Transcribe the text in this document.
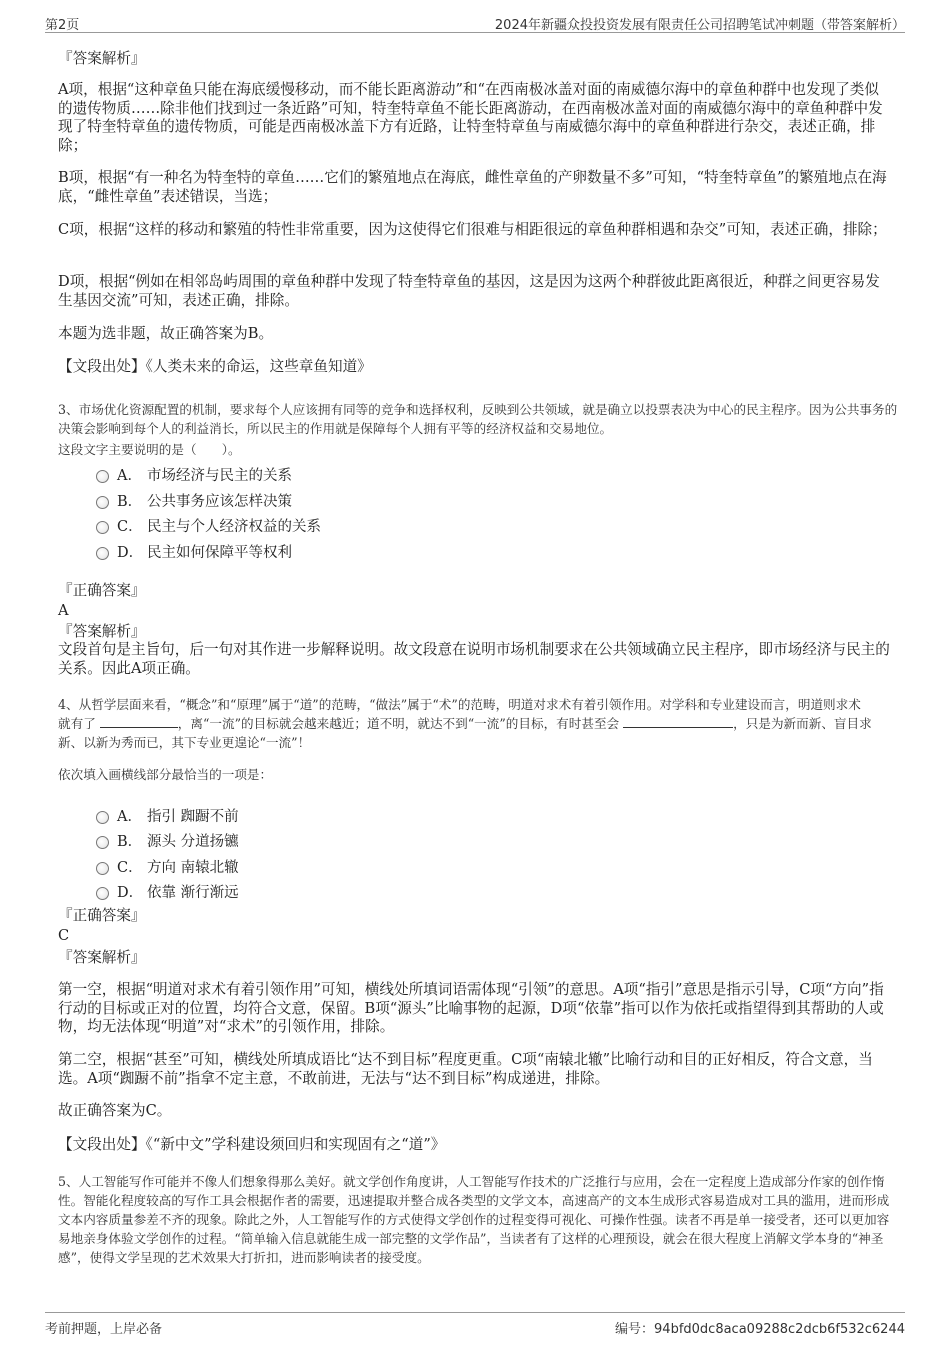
第2页	2024年新疆众投投资发展有限责任公司招聘笔试冲刺题（带答案解析）
『答案解析』
A项，根据“这种章鱼只能在海底缓慢移动，而不能长距离游动”和“在西南极冰盖对面的南威德尔海中的章鱼种群中也发现了类似的遗传物质……除非他们找到过一条近路”可知，特奎特章鱼不能长距离游动，在西南极冰盖对面的南威德尔海中的章鱼种群中发现了特奎特章鱼的遗传物质，可能是西南极冰盖下方有近路，让特奎特章鱼与南威德尔海中的章鱼种群进行杂交，表述正确，排除；
B项，根据“有一种名为特奎特的章鱼……它们的繁殖地点在海底，雌性章鱼的产卵数量不多”可知，“特奎特章鱼”的繁殖地点在海底，“雌性章鱼”表述错误，当选；
C项，根据“这样的移动和繁殖的特性非常重要，因为这使得它们很难与相距很远的章鱼种群相遇和杂交”可知，表述正确，排除；
D项，根据“例如在相邻岛屿周围的章鱼种群中发现了特奎特章鱼的基因，这是因为这两个种群彼此距离很近，种群之间更容易发生基因交流”可知，表述正确，排除。
本题为选非题，故正确答案为B。
【文段出处】《人类未来的命运，这些章鱼知道》
3、市场优化资源配置的机制，要求每个人应该拥有同等的竞争和选择权利，反映到公共领域，就是确立以投票表决为中心的民主程序。因为公共事务的决策会影响到每个人的利益消长，所以民主的作用就是保障每个人拥有平等的经济权益和交易地位。
这段文字主要说明的是（　　）。
A． 市场经济与民主的关系
B． 公共事务应该怎样决策
C． 民主与个人经济权益的关系
D． 民主如何保障平等权利
『正确答案』
A
『答案解析』
文段首句是主旨句，后一句对其作进一步解释说明。故文段意在说明市场机制要求在公共领域确立民主程序，即市场经济与民主的关系。因此A项正确。
4、从哲学层面来看，“概念”和“原理”属于“道”的范畴，“做法”属于“术”的范畴，明道对求术有着引领作用。对学科和专业建设而言，明道则求术
就有了	，离“一流”的目标就会越来越近；道不明，就达不到“一流”的目标，有时甚至会	，只是为新而新、盲目求
新、以新为秀而已，其下专业更遑论“一流”！
依次填入画横线部分最恰当的一项是：
A． 指引 踟蹰不前
B． 源头 分道扬镳
C． 方向 南辕北辙
D． 依靠 渐行渐远
『正确答案』
C
『答案解析』
第一空，根据“明道对求术有着引领作用”可知，横线处所填词语需体现“引领”的意思。A项“指引”意思是指示引导，C项“方向”指行动的目标或正对的位置，均符合文意，保留。B项“源头”比喻事物的起源，D项“依靠”指可以作为依托或指望得到其帮助的人或物，均无法体现“明道”对“求术”的引领作用，排除。
第二空，根据“甚至”可知，横线处所填成语比“达不到目标”程度更重。C项“南辕北辙”比喻行动和目的正好相反，符合文意，当选。A项“踟蹰不前”指拿不定主意，不敢前进，无法与“达不到目标”构成递进，排除。
故正确答案为C。
【文段出处】《“新中文”学科建设须回归和实现固有之“道”》
5、人工智能写作可能并不像人们想象得那么美好。就文学创作角度讲，人工智能写作技术的广泛推行与应用，会在一定程度上造成部分作家的创作惰性。智能化程度较高的写作工具会根据作者的需要，迅速提取并整合成各类型的文学文本，高速高产的文本生成形式容易造成对工具的滥用，进而形成文本内容质量参差不齐的现象。除此之外，人工智能写作的方式使得文学创作的过程变得可视化、可操作性强。读者不再是单一接受者，还可以更加容易地亲身体验文学创作的过程。“简单输入信息就能生成一部完整的文学作品”，当读者有了这样的心理预设，就会在很大程度上消解文学本身的“神圣感”，使得文学呈现的艺术效果大打折扣，进而影响读者的接受度。
考前押题，上岸必备	编号：94bfd0dc8aca09288c2dcb6f532c6244
